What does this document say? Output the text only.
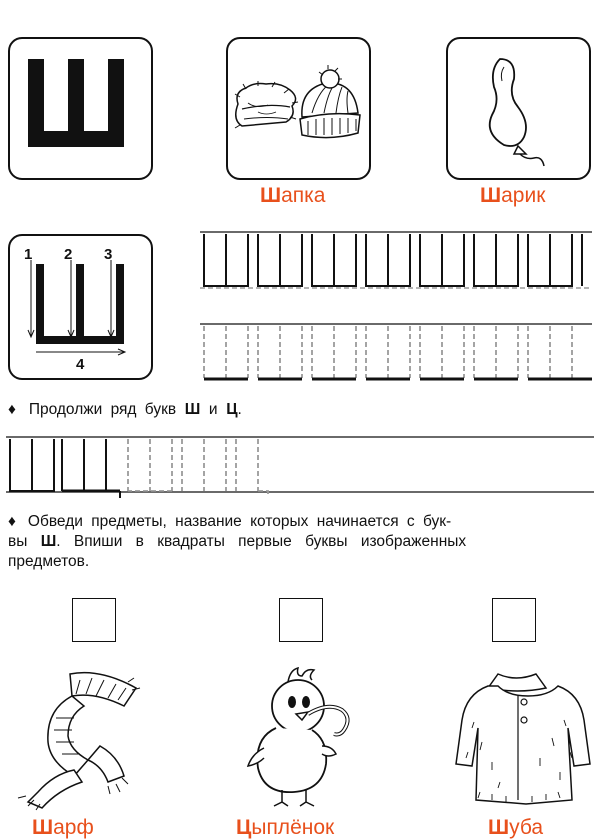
Шапка	Шарик
1 2 3
4
♦ Продолжи ряд букв Ш и Ц.
♦ Обведи предметы, название которых начинается с бук-
вы Ш. Впиши в квадраты первые буквы изображенных
предметов.
Шарф	Цыплёнок	Шуба
